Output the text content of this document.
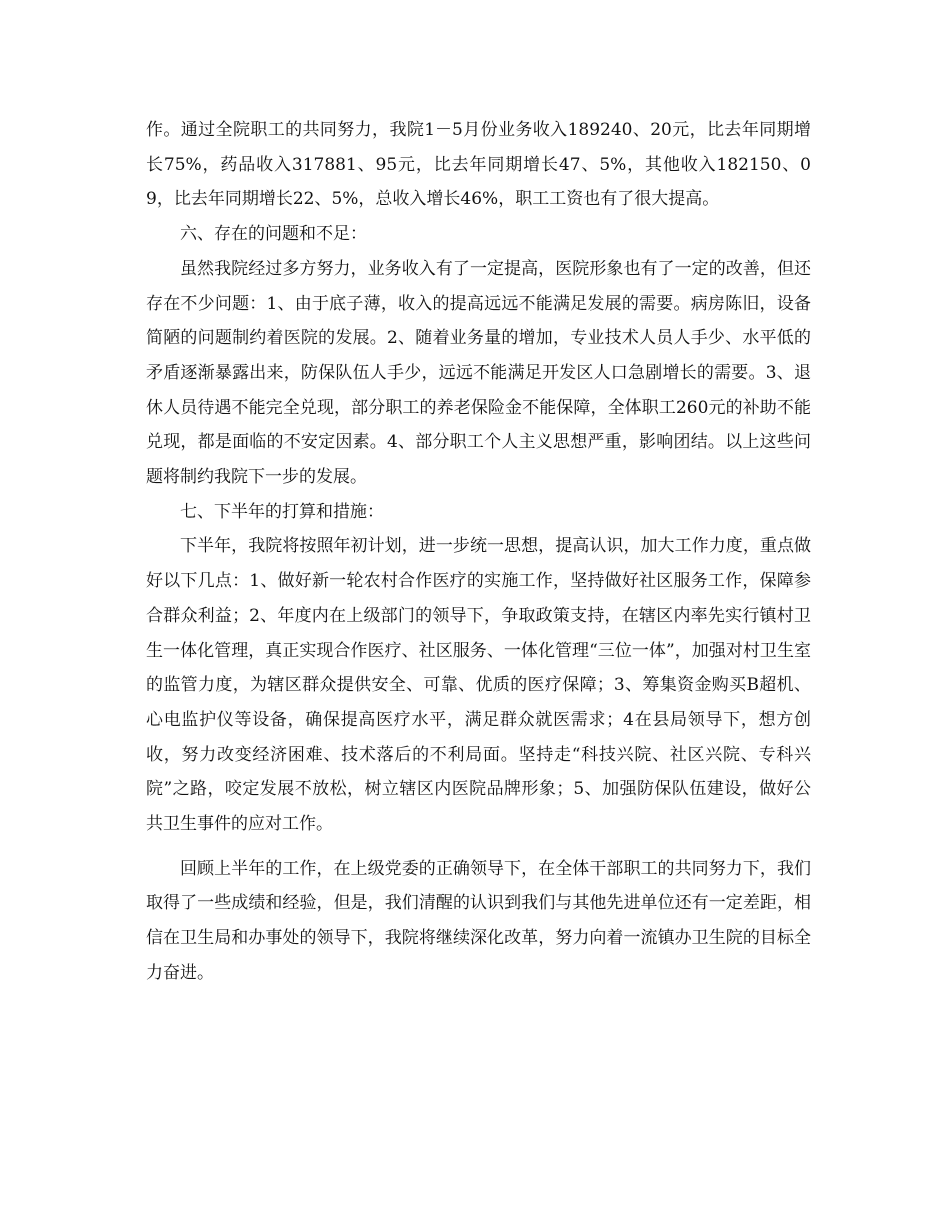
作。通过全院职工的共同努力，我院1－5月份业务收入189240、20元，比去年同期增长75%，药品收入317881、95元，比去年同期增长47、5%，其他收入182150、09，比去年同期增长22、5%，总收入增长46%，职工工资也有了很大提高。

六、存在的问题和不足：

虽然我院经过多方努力，业务收入有了一定提高，医院形象也有了一定的改善，但还存在不少问题：1、由于底子薄，收入的提高远远不能满足发展的需要。病房陈旧，设备简陋的问题制约着医院的发展。2、随着业务量的增加，专业技术人员人手少、水平低的矛盾逐渐暴露出来，防保队伍人手少，远远不能满足开发区人口急剧增长的需要。3、退休人员待遇不能完全兑现，部分职工的养老保险金不能保障，全体职工260元的补助不能兑现，都是面临的不安定因素。4、部分职工个人主义思想严重，影响团结。以上这些问题将制约我院下一步的发展。

七、下半年的打算和措施：

下半年，我院将按照年初计划，进一步统一思想，提高认识，加大工作力度，重点做好以下几点：1、做好新一轮农村合作医疗的实施工作，坚持做好社区服务工作，保障参合群众利益；2、年度内在上级部门的领导下，争取政策支持，在辖区内率先实行镇村卫生一体化管理，真正实现合作医疗、社区服务、一体化管理“三位一体”，加强对村卫生室的监管力度，为辖区群众提供安全、可靠、优质的医疗保障；3、筹集资金购买B超机、心电监护仪等设备，确保提高医疗水平，满足群众就医需求；4在县局领导下，想方创收，努力改变经济困难、技术落后的不利局面。坚持走“科技兴院、社区兴院、专科兴院”之路，咬定发展不放松，树立辖区内医院品牌形象；5、加强防保队伍建设，做好公共卫生事件的应对工作。

回顾上半年的工作，在上级党委的正确领导下，在全体干部职工的共同努力下，我们取得了一些成绩和经验，但是，我们清醒的认识到我们与其他先进单位还有一定差距，相信在卫生局和办事处的领导下，我院将继续深化改革，努力向着一流镇办卫生院的目标全力奋进。
